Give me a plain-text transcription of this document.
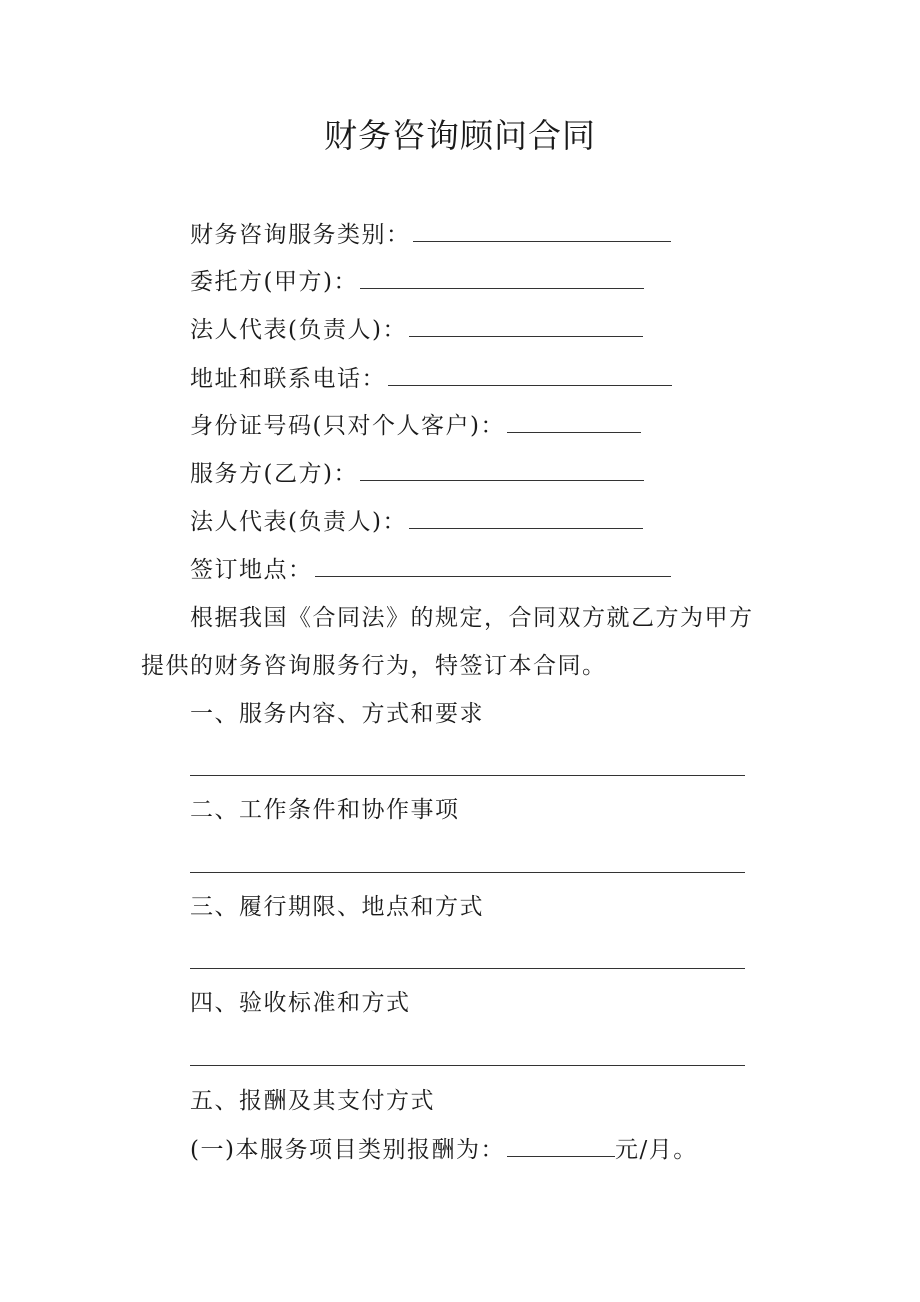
财务咨询顾问合同
财务咨询服务类别：
委托方(甲方)：
法人代表(负责人)：
地址和联系电话：
身份证号码(只对个人客户)：
服务方(乙方)：
法人代表(负责人)：
签订地点：
根据我国《合同法》的规定，合同双方就乙方为甲方
提供的财务咨询服务行为，特签订本合同。
一、服务内容、方式和要求
二、工作条件和协作事项
三、履行期限、地点和方式
四、验收标准和方式
五、报酬及其支付方式
(一)本服务项目类别报酬为：	元/月。
